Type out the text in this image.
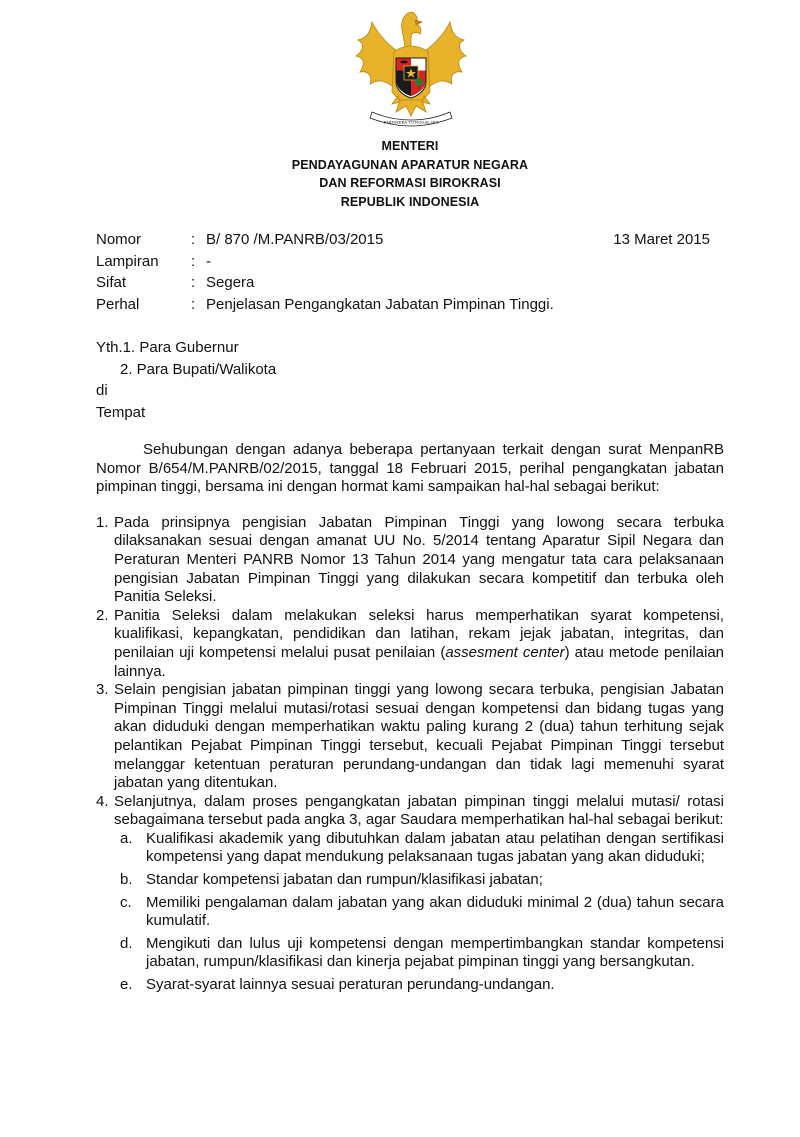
BHINNEKA TUNGGAL IKA
MENTERI
PENDAYAGUNAN APARATUR NEGARA
DAN REFORMASI BIROKRASI
REPUBLIK INDONESIA
Nomor	: B/ 870 /M.PANRB/03/2015	13 Maret 2015
Lampiran : -
Sifat	: Segera
Perhal	: Penjelasan Pengangkatan Jabatan Pimpinan Tinggi.
Yth.1. Para Gubernur
2. Para Bupati/Walikota
di
Tempat

Sehubungan dengan adanya beberapa pertanyaan terkait dengan surat MenpanRB Nomor B/654/M.PANRB/02/2015, tanggal 18 Februari 2015, perihal pengangkatan jabatan pimpinan tinggi, bersama ini dengan hormat kami sampaikan hal-hal sebagai berikut:

1. Pada prinsipnya pengisian Jabatan Pimpinan Tinggi yang lowong secara terbuka dilaksanakan sesuai dengan amanat UU No. 5/2014 tentang Aparatur Sipil Negara dan Peraturan Menteri PANRB Nomor 13 Tahun 2014 yang mengatur tata cara pelaksanaan pengisian Jabatan Pimpinan Tinggi yang dilakukan secara kompetitif dan terbuka oleh Panitia Seleksi.
2. Panitia Seleksi dalam melakukan seleksi harus memperhatikan syarat kompetensi, kualifikasi, kepangkatan, pendidikan dan latihan, rekam jejak jabatan, integritas, dan penilaian uji kompetensi melalui pusat penilaian (assesment center) atau metode penilaian lainnya.
3. Selain pengisian jabatan pimpinan tinggi yang lowong secara terbuka, pengisian Jabatan Pimpinan Tinggi melalui mutasi/rotasi sesuai dengan kompetensi dan bidang tugas yang akan diduduki dengan memperhatikan waktu paling kurang 2 (dua) tahun terhitung sejak pelantikan Pejabat Pimpinan Tinggi tersebut, kecuali Pejabat Pimpinan Tinggi tersebut melanggar ketentuan peraturan perundang-undangan dan tidak lagi memenuhi syarat jabatan yang ditentukan.
4. Selanjutnya, dalam proses pengangkatan jabatan pimpinan tinggi melalui mutasi/ rotasi sebagaimana tersebut pada angka 3, agar Saudara memperhatikan hal-hal sebagai berikut:
a. Kualifikasi akademik yang dibutuhkan dalam jabatan atau pelatihan dengan sertifikasi kompetensi yang dapat mendukung pelaksanaan tugas jabatan yang akan diduduki;
b. Standar kompetensi jabatan dan rumpun/klasifikasi jabatan;
c. Memiliki pengalaman dalam jabatan yang akan diduduki minimal 2 (dua) tahun secara kumulatif.
d. Mengikuti dan lulus uji kompetensi dengan mempertimbangkan standar kompetensi jabatan, rumpun/klasifikasi dan kinerja pejabat pimpinan tinggi yang bersangkutan.
e. Syarat-syarat lainnya sesuai peraturan perundang-undangan.
